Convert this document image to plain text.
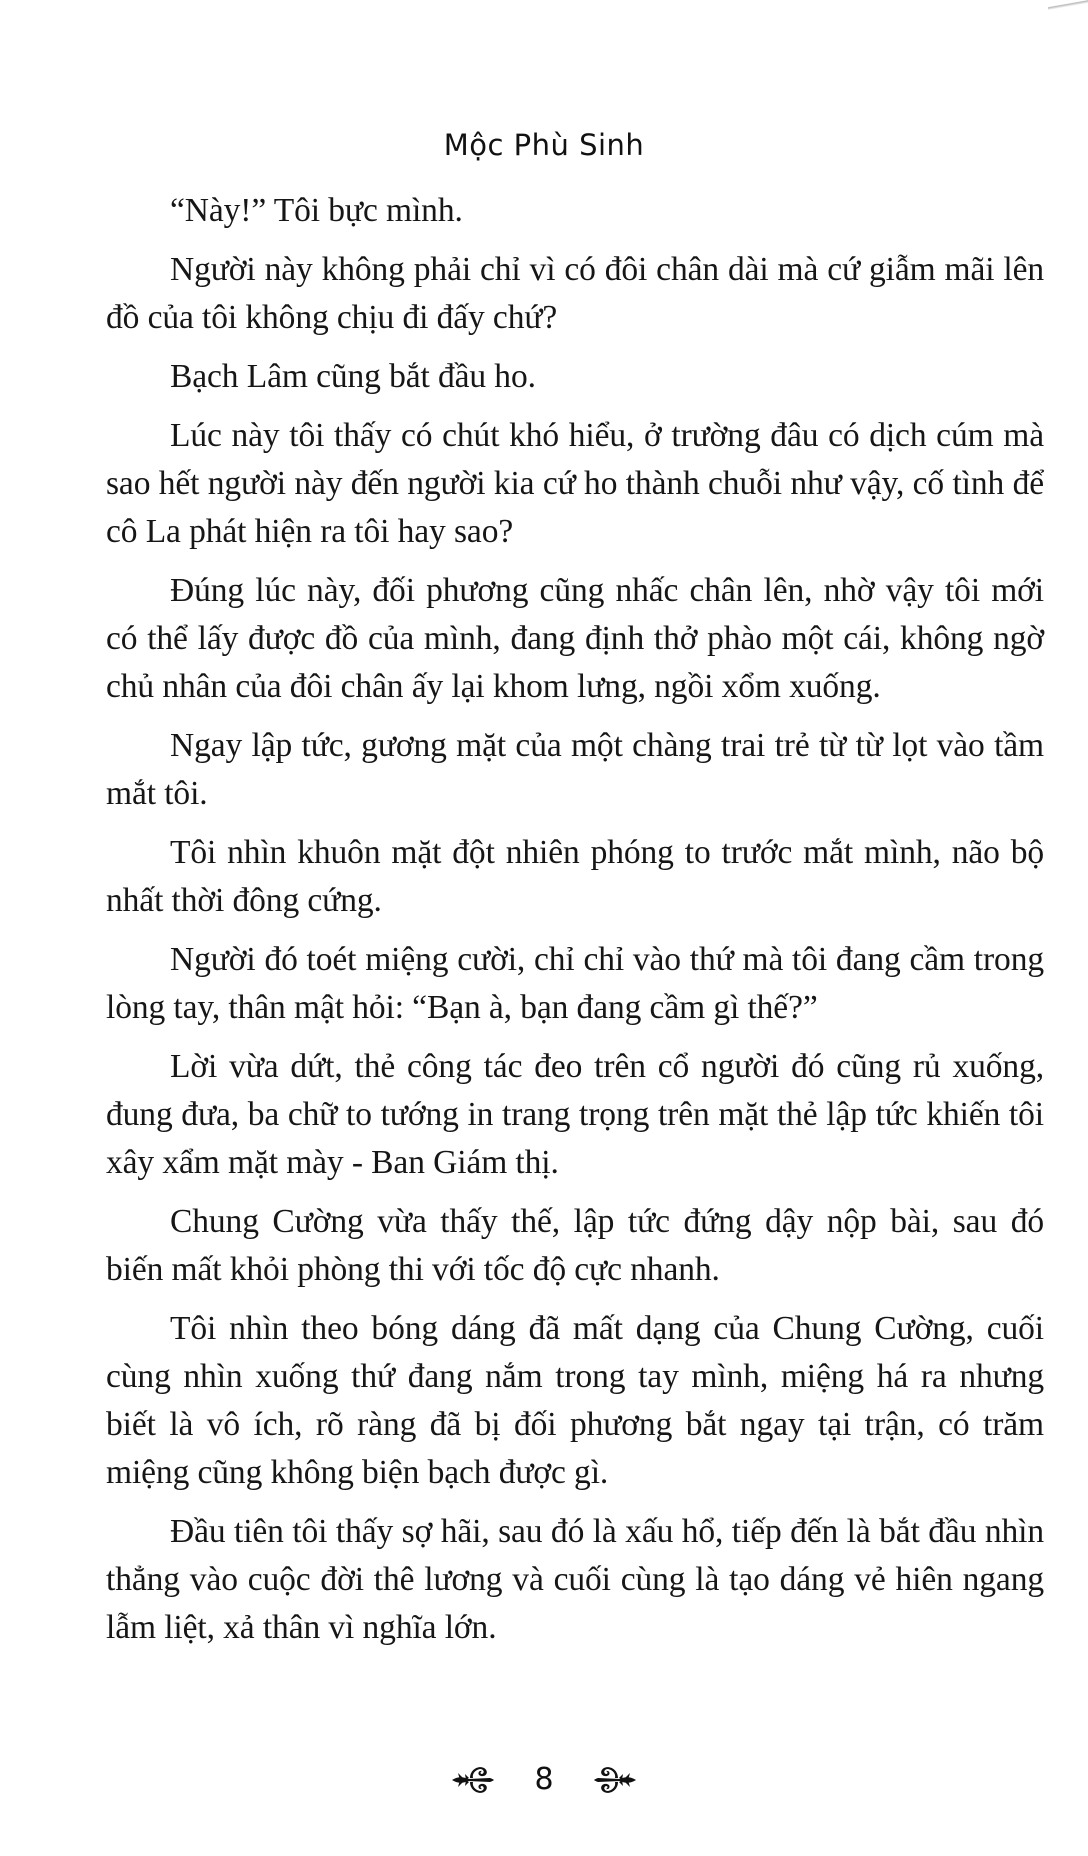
Mộc Phù Sinh

“Này!” Tôi bực mình.

Người này không phải chỉ vì có đôi chân dài mà cứ giẫm mãi lên đồ của tôi không chịu đi đấy chứ?

Bạch Lâm cũng bắt đầu ho.

Lúc này tôi thấy có chút khó hiểu, ở trường đâu có dịch cúm mà sao hết người này đến người kia cứ ho thành chuỗi như vậy, cố tình để cô La phát hiện ra tôi hay sao?

Đúng lúc này, đối phương cũng nhấc chân lên, nhờ vậy tôi mới có thể lấy được đồ của mình, đang định thở phào một cái, không ngờ chủ nhân của đôi chân ấy lại khom lưng, ngồi xổm xuống.

Ngay lập tức, gương mặt của một chàng trai trẻ từ từ lọt vào tầm mắt tôi.

Tôi nhìn khuôn mặt đột nhiên phóng to trước mắt mình, não bộ nhất thời đông cứng.

Người đó toét miệng cười, chỉ chỉ vào thứ mà tôi đang cầm trong lòng tay, thân mật hỏi: “Bạn à, bạn đang cầm gì thế?”

Lời vừa dứt, thẻ công tác đeo trên cổ người đó cũng rủ xuống, đung đưa, ba chữ to tướng in trang trọng trên mặt thẻ lập tức khiến tôi xây xẩm mặt mày - Ban Giám thị.

Chung Cường vừa thấy thế, lập tức đứng dậy nộp bài, sau đó biến mất khỏi phòng thi với tốc độ cực nhanh.

Tôi nhìn theo bóng dáng đã mất dạng của Chung Cường, cuối cùng nhìn xuống thứ đang nắm trong tay mình, miệng há ra nhưng biết là vô ích, rõ ràng đã bị đối phương bắt ngay tại trận, có trăm miệng cũng không biện bạch được gì.

Đầu tiên tôi thấy sợ hãi, sau đó là xấu hổ, tiếp đến là bắt đầu nhìn thẳng vào cuộc đời thê lương và cuối cùng là tạo dáng vẻ hiên ngang lẫm liệt, xả thân vì nghĩa lớn.

8
